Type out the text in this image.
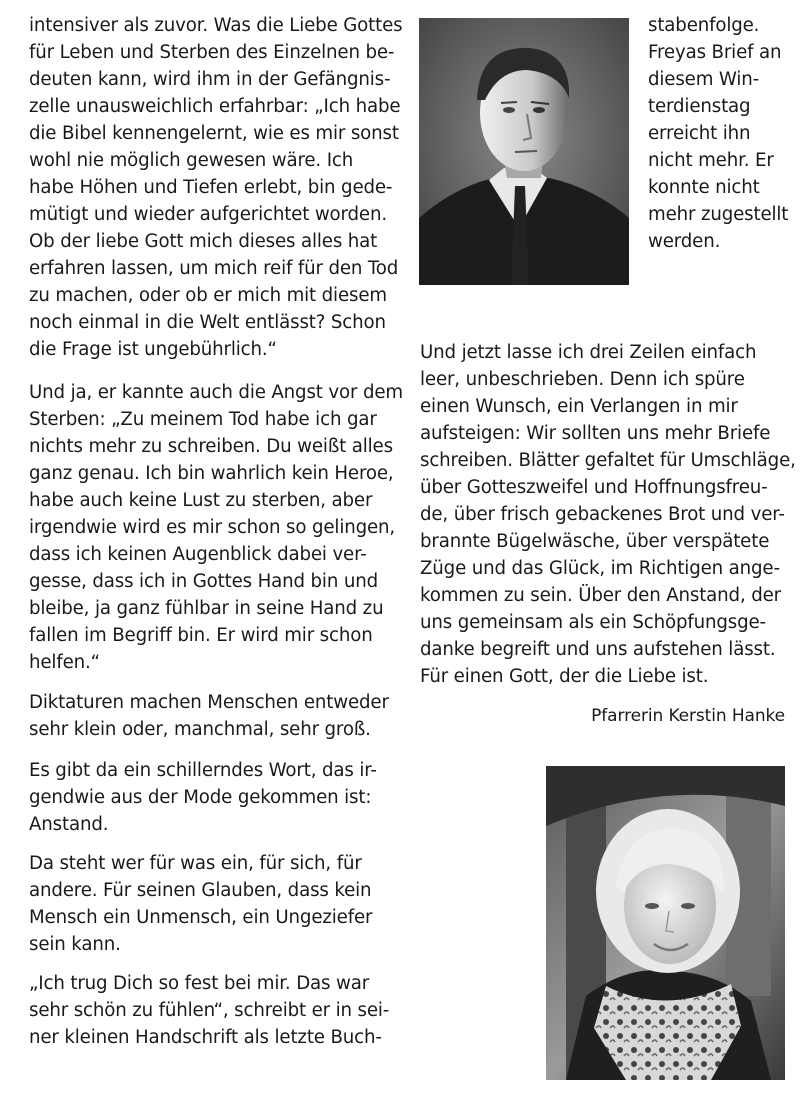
intensiver als zuvor. Was die Liebe Gottes
für Leben und Sterben des Einzelnen be-
deuten kann, wird ihm in der Gefängnis-
zelle unausweichlich erfahrbar: „Ich habe
die Bibel kennengelernt, wie es mir sonst
wohl nie möglich gewesen wäre. Ich
habe Höhen und Tiefen erlebt, bin gede-
mütigt und wieder aufgerichtet worden.
Ob der liebe Gott mich dieses alles hat
erfahren lassen, um mich reif für den Tod
zu machen, oder ob er mich mit diesem
noch einmal in die Welt entlässt? Schon
die Frage ist ungebührlich.“
Und ja, er kannte auch die Angst vor dem
Sterben: „Zu meinem Tod habe ich gar
nichts mehr zu schreiben. Du weißt alles
ganz genau. Ich bin wahrlich kein Heroe,
habe auch keine Lust zu sterben, aber
irgendwie wird es mir schon so gelingen,
dass ich keinen Augenblick dabei ver-
gesse, dass ich in Gottes Hand bin und
bleibe, ja ganz fühlbar in seine Hand zu
fallen im Begriff bin. Er wird mir schon
helfen.“
Diktaturen machen Menschen entweder
sehr klein oder, manchmal, sehr groß.
Es gibt da ein schillerndes Wort, das ir-
gendwie aus der Mode gekommen ist:
Anstand.
Da steht wer für was ein, für sich, für
andere. Für seinen Glauben, dass kein
Mensch ein Unmensch, ein Ungeziefer
sein kann.
„Ich trug Dich so fest bei mir. Das war
sehr schön zu fühlen“, schreibt er in sei-
ner kleinen Handschrift als letzte Buch-
stabenfolge.
Freyas Brief an
diesem Win-
terdienstag
erreicht ihn
nicht mehr. Er
konnte nicht
mehr zugestellt
werden.
Und jetzt lasse ich drei Zeilen einfach
leer, unbeschrieben. Denn ich spüre
einen Wunsch, ein Verlangen in mir
aufsteigen: Wir sollten uns mehr Briefe
schreiben. Blätter gefaltet für Umschläge,
über Gotteszweifel und Hoffnungsfreu-
de, über frisch gebackenes Brot und ver-
brannte Bügelwäsche, über verspätete
Züge und das Glück, im Richtigen ange-
kommen zu sein. Über den Anstand, der
uns gemeinsam als ein Schöpfungsge-
danke begreift und uns aufstehen lässt.
Für einen Gott, der die Liebe ist.
Pfarrerin Kerstin Hanke
